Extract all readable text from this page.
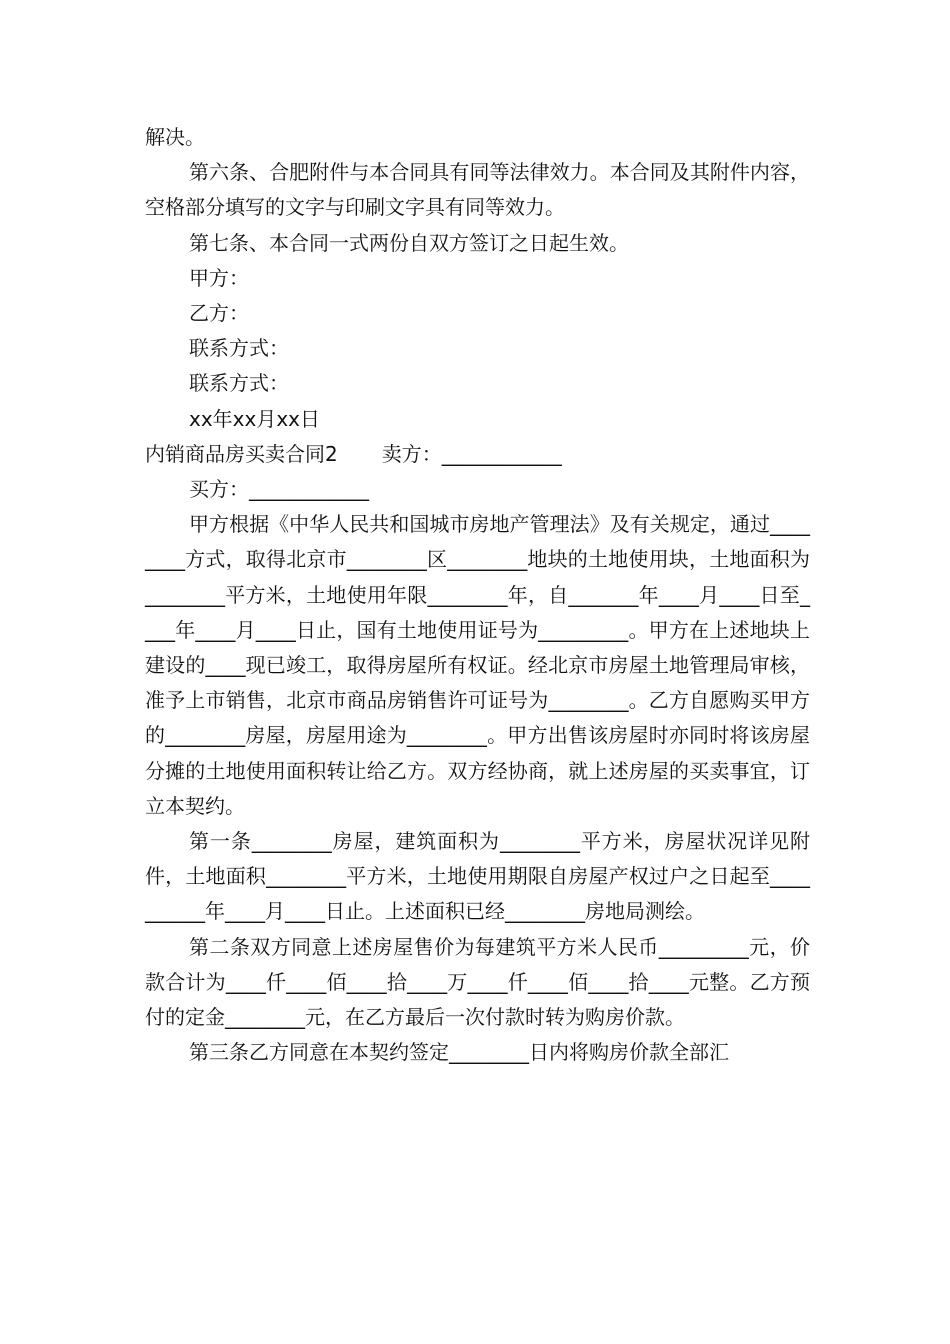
解决。

第六条、合肥附件与本合同具有同等法律效力。本合同及其附件内容，空格部分填写的文字与印刷文字具有同等效力。

第七条、本合同一式两份自双方签订之日起生效。

甲方：

乙方：

联系方式：

联系方式：

xx年xx月xx日

内销商品房买卖合同2 卖方：____________

买方：____________

甲方根据《中华人民共和国城市房地产管理法》及有关规定，通过________方式，取得北京市________区________地块的土地使用块，土地面积为________平方米，土地使用年限________年，自_______年____月____日至____年____月____日止，国有土地使用证号为_________。甲方在上述地块上建设的____现已竣工，取得房屋所有权证。经北京市房屋土地管理局审核，准予上市销售，北京市商品房销售许可证号为________。乙方自愿购买甲方的________房屋，房屋用途为________。甲方出售该房屋时亦同时将该房屋分摊的土地使用面积转让给乙方。双方经协商，就上述房屋的买卖事宜，订立本契约。

第一条________房屋，建筑面积为________平方米，房屋状况详见附件，土地面积________平方米，土地使用期限自房屋产权过户之日起至__________年____月____日止。上述面积已经________房地局测绘。

第二条双方同意上述房屋售价为每建筑平方米人民币_________元，价款合计为____仟____佰____拾____万____仟____佰____拾____元整。乙方预付的定金________元，在乙方最后一次付款时转为购房价款。

第三条乙方同意在本契约签定________日内将购房价款全部汇
